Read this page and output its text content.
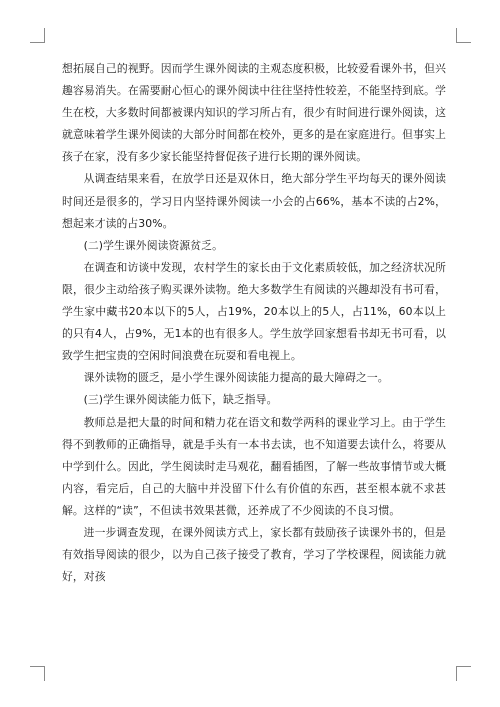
想拓展自己的视野。因而学生课外阅读的主观态度积极，比较爱看课外书，但兴趣容易消失。在需要耐心恒心的课外阅读中往往坚持性较差，不能坚持到底。学生在校，大多数时间都被课内知识的学习所占有，很少有时间进行课外阅读，这就意味着学生课外阅读的大部分时间都在校外，更多的是在家庭进行。但事实上孩子在家，没有多少家长能坚持督促孩子进行长期的课外阅读。

从调查结果来看，在放学日还是双休日，绝大部分学生平均每天的课外阅读时间还是很多的，学习日内坚持课外阅读一小会的占66%，基本不读的占2%，想起来才读的占30%。

(二)学生课外阅读资源贫乏。

在调查和访谈中发现，农村学生的家长由于文化素质较低，加之经济状况所限，很少主动给孩子购买课外读物。绝大多数学生有阅读的兴趣却没有书可看，学生家中藏书20本以下的5人，占19%，20本以上的5人，占11%，60本以上的只有4人，占9%，无1本的也有很多人。学生放学回家想看书却无书可看，以致学生把宝贵的空闲时间浪费在玩耍和看电视上。

课外读物的匮乏，是小学生课外阅读能力提高的最大障碍之一。

(三)学生课外阅读能力低下，缺乏指导。

教师总是把大量的时间和精力花在语文和数学两科的课业学习上。由于学生得不到教师的正确指导，就是手头有一本书去读，也不知道要去读什么，将要从中学到什么。因此，学生阅读时走马观花，翻看插图，了解一些故事情节或大概内容，看完后，自己的大脑中并没留下什么有价值的东西，甚至根本就不求甚解。这样的“读”，不但读书效果甚微，还养成了不少阅读的不良习惯。

进一步调查发现，在课外阅读方式上，家长都有鼓励孩子读课外书的，但是有效指导阅读的很少，以为自己孩子接受了教育，学习了学校课程，阅读能力就好，对孩
